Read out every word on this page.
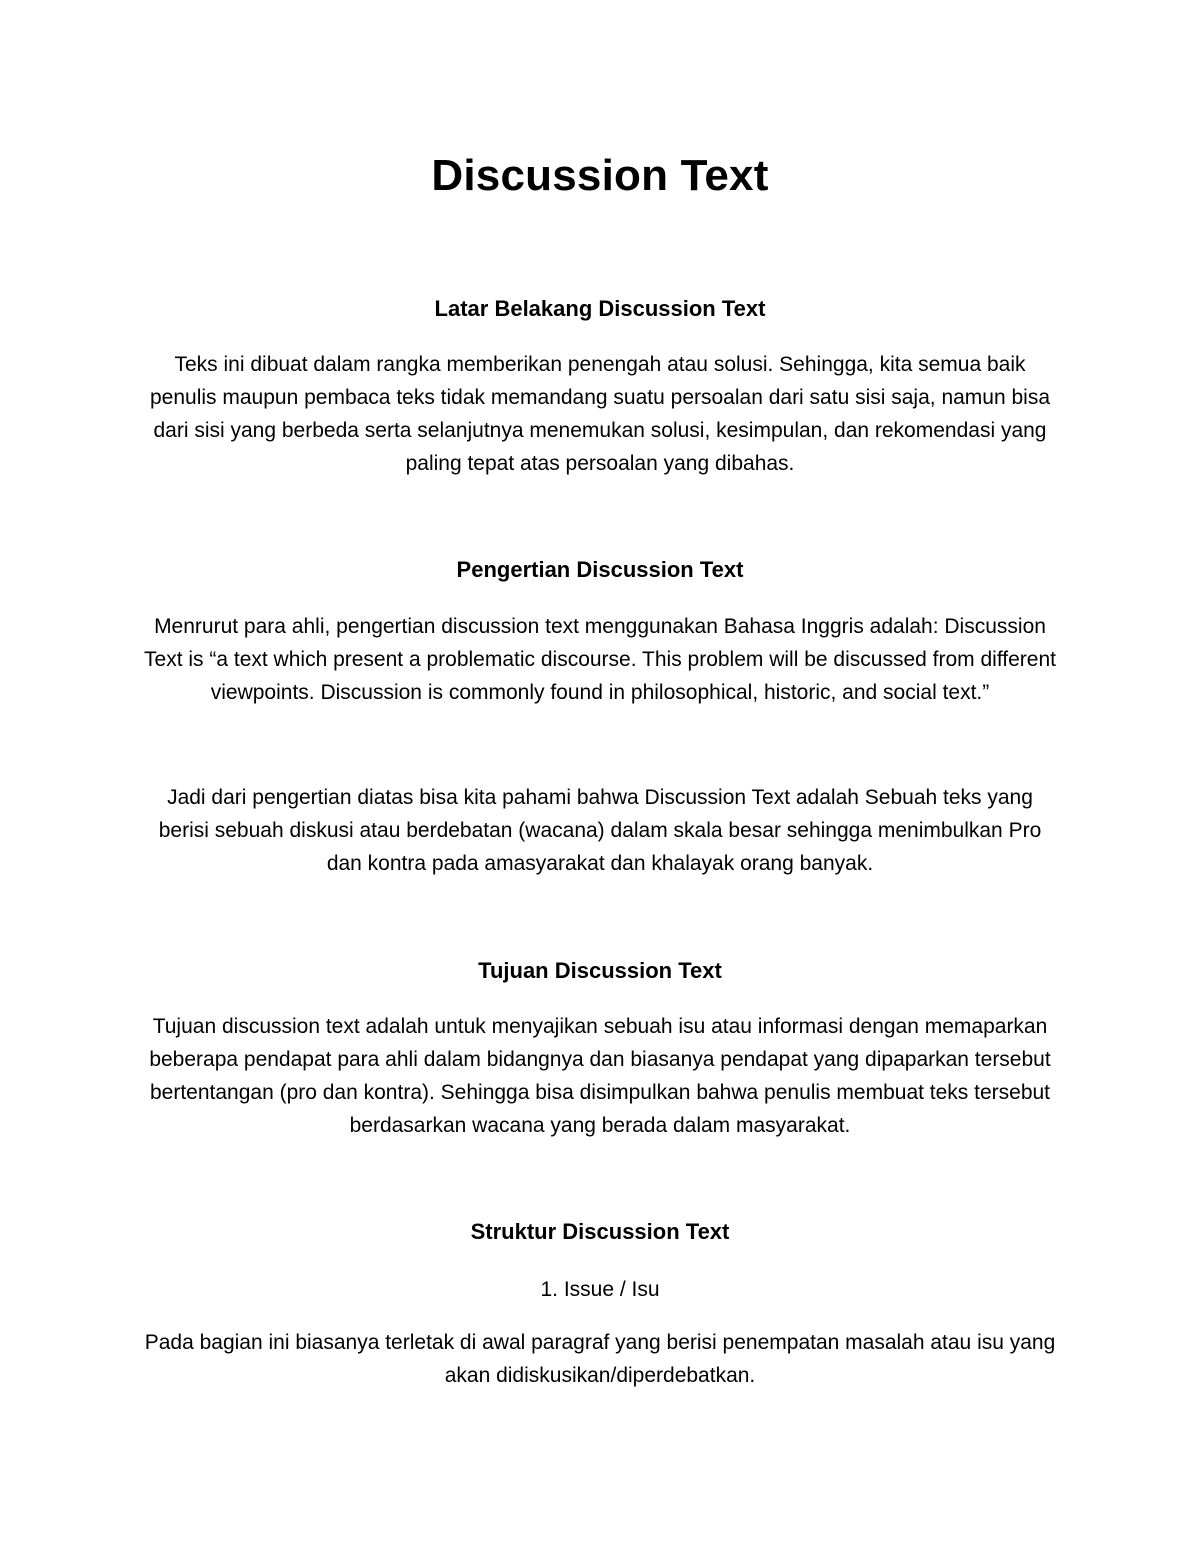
Discussion Text
Latar Belakang Discussion Text

Teks ini dibuat dalam rangka memberikan penengah atau solusi. Sehingga, kita semua baik penulis maupun pembaca teks tidak memandang suatu persoalan dari satu sisi saja, namun bisa dari sisi yang berbeda serta selanjutnya menemukan solusi, kesimpulan, dan rekomendasi yang paling tepat atas persoalan yang dibahas.

Pengertian Discussion Text

Menrurut para ahli, pengertian discussion text menggunakan Bahasa Inggris adalah: Discussion Text is “a text which present a problematic discourse. This problem will be discussed from different viewpoints. Discussion is commonly found in philosophical, historic, and social text.”

Jadi dari pengertian diatas bisa kita pahami bahwa Discussion Text adalah Sebuah teks yang berisi sebuah diskusi atau berdebatan (wacana) dalam skala besar sehingga menimbulkan Pro dan kontra pada amasyarakat dan khalayak orang banyak.

Tujuan Discussion Text

Tujuan discussion text adalah untuk menyajikan sebuah isu atau informasi dengan memaparkan beberapa pendapat para ahli dalam bidangnya dan biasanya pendapat yang dipaparkan tersebut bertentangan (pro dan kontra). Sehingga bisa disimpulkan bahwa penulis membuat teks tersebut berdasarkan wacana yang berada dalam masyarakat.

Struktur Discussion Text

1. Issue / Isu

Pada bagian ini biasanya terletak di awal paragraf yang berisi penempatan masalah atau isu yang akan didiskusikan/diperdebatkan.
